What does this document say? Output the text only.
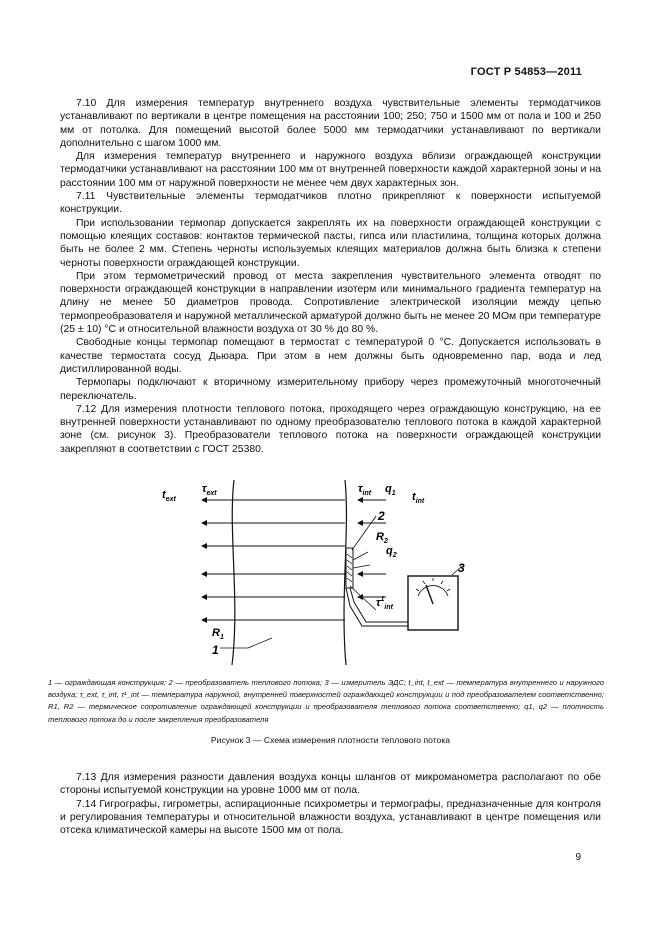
ГОСТ Р 54853—2011

7.10 Для измерения температур внутреннего воздуха чувствительные элементы термодатчиков устанавливают по вертикали в центре помещения на расстоянии 100; 250; 750 и 1500 мм от пола и 100 и 250 мм от потолка. Для помещений высотой более 5000 мм термодатчики устанавливают по вертикали дополнительно с шагом 1000 мм.

Для измерения температур внутреннего и наружного воздуха вблизи ограждающей конструкции термодатчики устанавливают на расстоянии 100 мм от внутренней поверхности каждой характерной зоны и на расстоянии 100 мм от наружной поверхности не менее чем двух характерных зон.

7.11 Чувствительные элементы термодатчиков плотно прикрепляют к поверхности испытуемой конструкции.

При использовании термопар допускается закреплять их на поверхности ограждающей конструкции с помощью клеящих составов: контактов термической пасты, гипса или пластилина, толщина которых должна быть не более 2 мм. Степень черноты используемых клеящих материалов должна быть близка к степени черноты поверхности ограждающей конструкции.

При этом термометрический провод от места закрепления чувствительного элемента отводят по поверхности ограждающей конструкции в направлении изотерм или минимального градиента температур на длину не менее 50 диаметров провода. Сопротивление электрической изоляции между цепью термопреобразователя и наружной металлической арматурой должно быть не менее 20 МОм при температуре (25 ± 10) °С и относительной влажности воздуха от 30 % до 80 %.

Свободные концы термопар помещают в термостат с температурой 0 °С. Допускается использовать в качестве термостата сосуд Дьюара. При этом в нем должны быть одновременно пар, вода и лед дистиллированной воды.

Термопары подключают к вторичному измерительному прибору через промежуточный многоточечный переключатель.

7.12 Для измерения плотности теплового потока, проходящего через ограждающую конструкцию, на ее внутренней поверхности устанавливают по одному преобразователю теплового потока в каждой характерной зоне (см. рисунок 3). Преобразователи теплового потока на поверхности ограждающей конструкции закрепляют в соответствии с ГОСТ 25380.

$t_{ext}$
$\tau_{ext}$	$\tau_{int}$ $q_1$ $t_{int}$
2
$R_2$
$q_2$
3
$\tau^1_{int}$
$R_1$
1
1 — ограждающая конструкция; 2 — преобразователь теплового потока; 3 — измеритель ЭДС; t_int, t_ext — температура внутреннего и наружного воздуха; τ_ext, τ_int, τ¹_int — температура наружной, внутренней поверхностей ограждающей конструкции и под преобразователем соответственно; R1, R2 — термическое сопротивление ограждающей конструкции и преобразователя теплового потока соответственно; q1, q2 — плотность теплового потока до и после закрепления преобразователя
Рисунок 3 — Схема измерения плотности теплового потока

7.13 Для измерения разности давления воздуха концы шлангов от микроманометра располагают по обе стороны испытуемой конструкции на уровне 1000 мм от пола.

7.14 Гигрографы, гигрометры, аспирационные психрометры и термографы, предназначенные для контроля и регулирования температуры и относительной влажности воздуха, устанавливают в центре помещения или отсека климатической камеры на высоте 1500 мм от пола.

9
